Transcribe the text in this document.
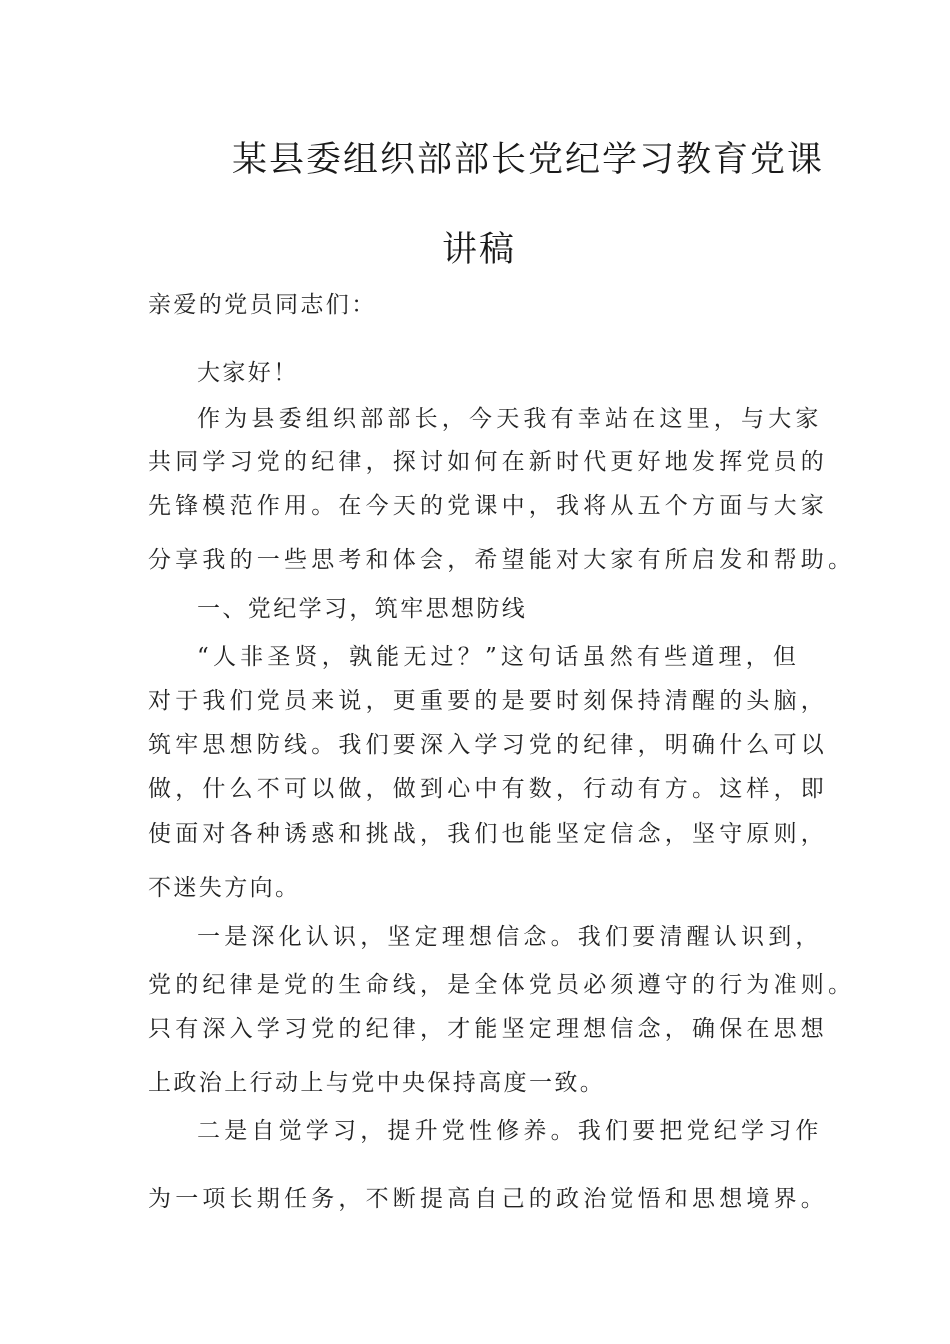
某县委组织部部长党纪学习教育党课
讲稿
亲爱的党员同志们：
大家好！
作为县委组织部部长，今天我有幸站在这里，与大家
共同学习党的纪律，探讨如何在新时代更好地发挥党员的
先锋模范作用。在今天的党课中，我将从五个方面与大家
分享我的一些思考和体会，希望能对大家有所启发和帮助。
一、党纪学习，筑牢思想防线
“人非圣贤，孰能无过？”这句话虽然有些道理，但
对于我们党员来说，更重要的是要时刻保持清醒的头脑，
筑牢思想防线。我们要深入学习党的纪律，明确什么可以
做，什么不可以做，做到心中有数，行动有方。这样，即
使面对各种诱惑和挑战，我们也能坚定信念，坚守原则，
不迷失方向。
一是深化认识，坚定理想信念。我们要清醒认识到，
党的纪律是党的生命线，是全体党员必须遵守的行为准则。
只有深入学习党的纪律，才能坚定理想信念，确保在思想
上政治上行动上与党中央保持高度一致。
二是自觉学习，提升党性修养。我们要把党纪学习作
为一项长期任务，不断提高自己的政治觉悟和思想境界。
